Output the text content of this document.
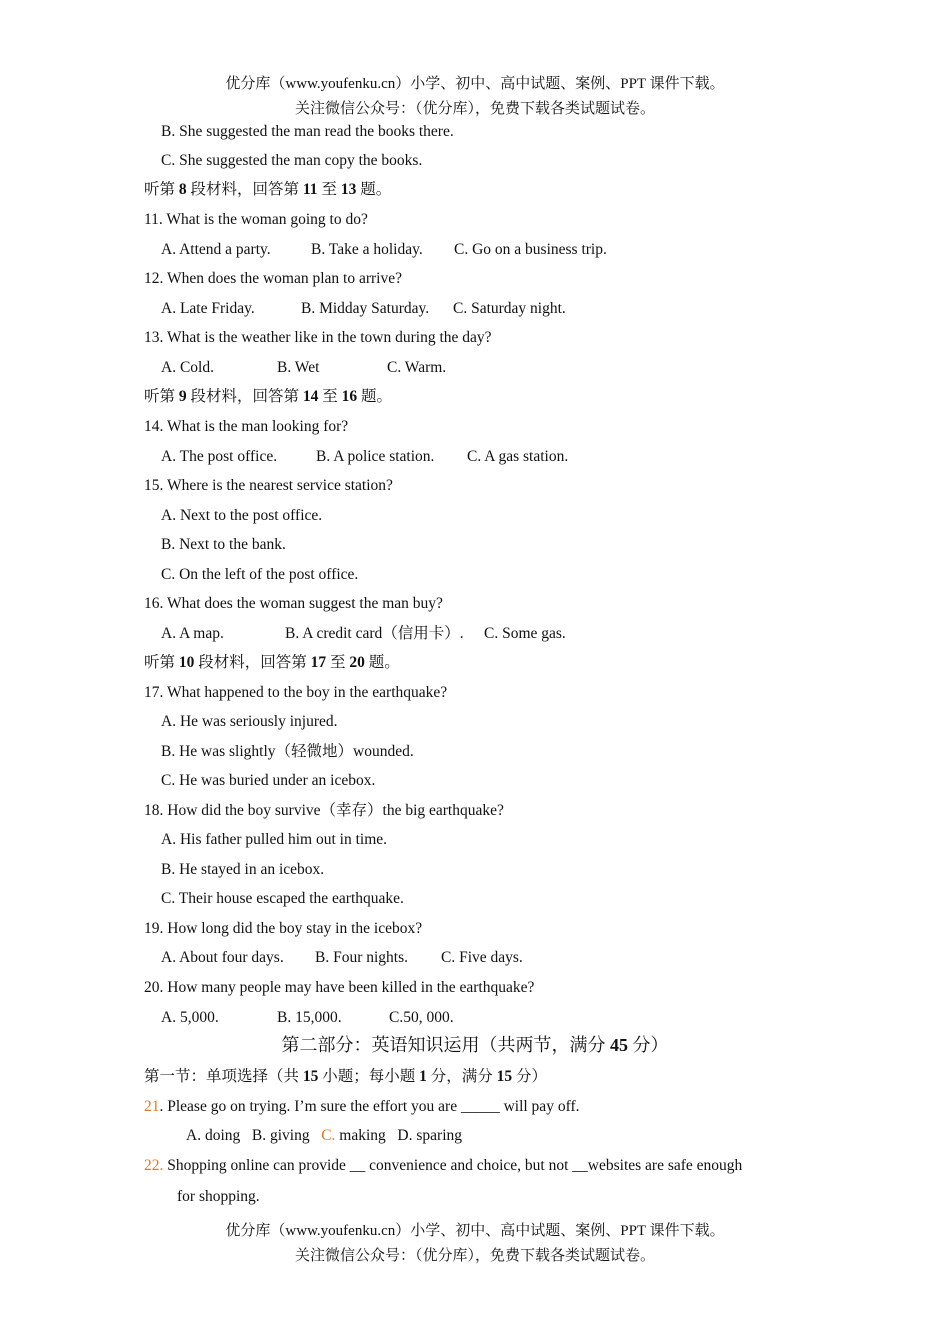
优分库（www.youfenku.cn）小学、初中、高中试题、案例、PPT 课件下载。
关注微信公众号：（优分库），免费下载各类试题试卷。
B. She suggested the man read the books there.
C. She suggested the man copy the books.
听第 8 段材料，回答第 11 至 13 题。
11. What is the woman going to do?
A. Attend a party.	B. Take a holiday. C. Go on a business trip.
12. When does the woman plan to arrive?
A. Late Friday.	B. Midday Saturday. C. Saturday night.
13. What is the weather like in the town during the day?
A. Cold.	B. Wet	C. Warm.
听第 9 段材料，回答第 14 至 16 题。
14. What is the man looking for?
A. The post office.	B. A police station. C. A gas station.
15. Where is the nearest service station?
A. Next to the post office.
B. Next to the bank.
C. On the left of the post office.
16. What does the woman suggest the man buy?
A. A map.	B. A credit card（信用卡）. C. Some gas.
听第 10 段材料，回答第 17 至 20 题。
17. What happened to the boy in the earthquake?
A. He was seriously injured.
B. He was slightly（轻微地）wounded.
C. He was buried under an icebox.
18. How did the boy survive（幸存）the big earthquake?
A. His father pulled him out in time.
B. He stayed in an icebox.
C. Their house escaped the earthquake.
19. How long did the boy stay in the icebox?
A. About four days. B. Four nights. C. Five days.
20. How many people may have been killed in the earthquake?
A. 5,000.	B. 15,000.	C.50, 000.
第二部分：英语知识运用（共两节，满分 45 分）
第一节：单项选择（共 15 小题；每小题 1 分，满分 15 分）
21. Please go on trying. I’m sure the effort you are _____ will pay off.
A. doing B. giving C. making D. sparing
22. Shopping online can provide __ convenience and choice, but not __websites are safe enough
for shopping.
优分库（www.youfenku.cn）小学、初中、高中试题、案例、PPT 课件下载。
关注微信公众号：（优分库），免费下载各类试题试卷。
